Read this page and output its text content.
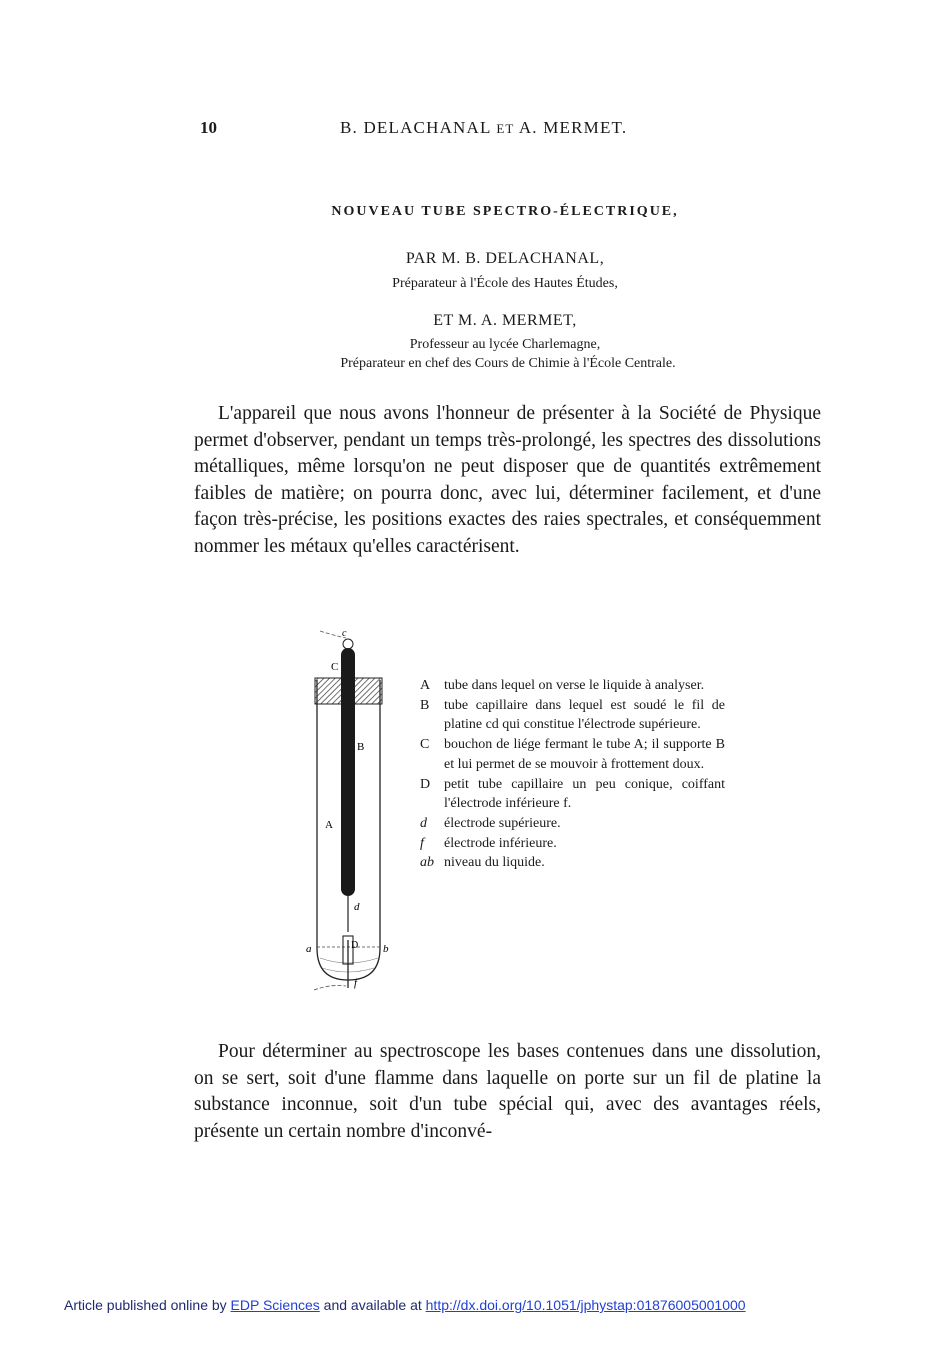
10	B. DELACHANAL ET A. MERMET.
NOUVEAU TUBE SPECTRO-ÉLECTRIQUE,
PAR M. B. DELACHANAL,
Préparateur à l'École des Hautes Études,
ET M. A. MERMET,
Professeur au lycée Charlemagne,
Préparateur en chef des Cours de Chimie à l'École Centrale.

L'appareil que nous avons l'honneur de présenter à la Société de Physique permet d'observer, pendant un temps très-prolongé, les spectres des dissolutions métalliques, même lorsqu'on ne peut disposer que de quantités extrêmement faibles de matière; on pourra donc, avec lui, déterminer facilement, et d'une façon très-précise, les positions exactes des raies spectrales, et conséquemment nommer les métaux qu'elles caractérisent.

c
C
B
A
d
D
a	b
f
A tube dans lequel on verse le liquide à analyser.
B tube capillaire dans lequel est soudé le fil de platine cd qui constitue l'électrode supérieure.
C bouchon de liége fermant le tube A; il supporte B et lui permet de se mouvoir à frottement doux.
D petit tube capillaire un peu conique, coiffant l'électrode inférieure f.
d électrode supérieure.
f électrode inférieure.
ab niveau du liquide.

Pour déterminer au spectroscope les bases contenues dans une dissolution, on se sert, soit d'une flamme dans laquelle on porte sur un fil de platine la substance inconnue, soit d'un tube spécial qui, avec des avantages réels, présente un certain nombre d'inconvé-

Article published online by EDP Sciences and available at http://dx.doi.org/10.1051/jphystap:01876005001000
